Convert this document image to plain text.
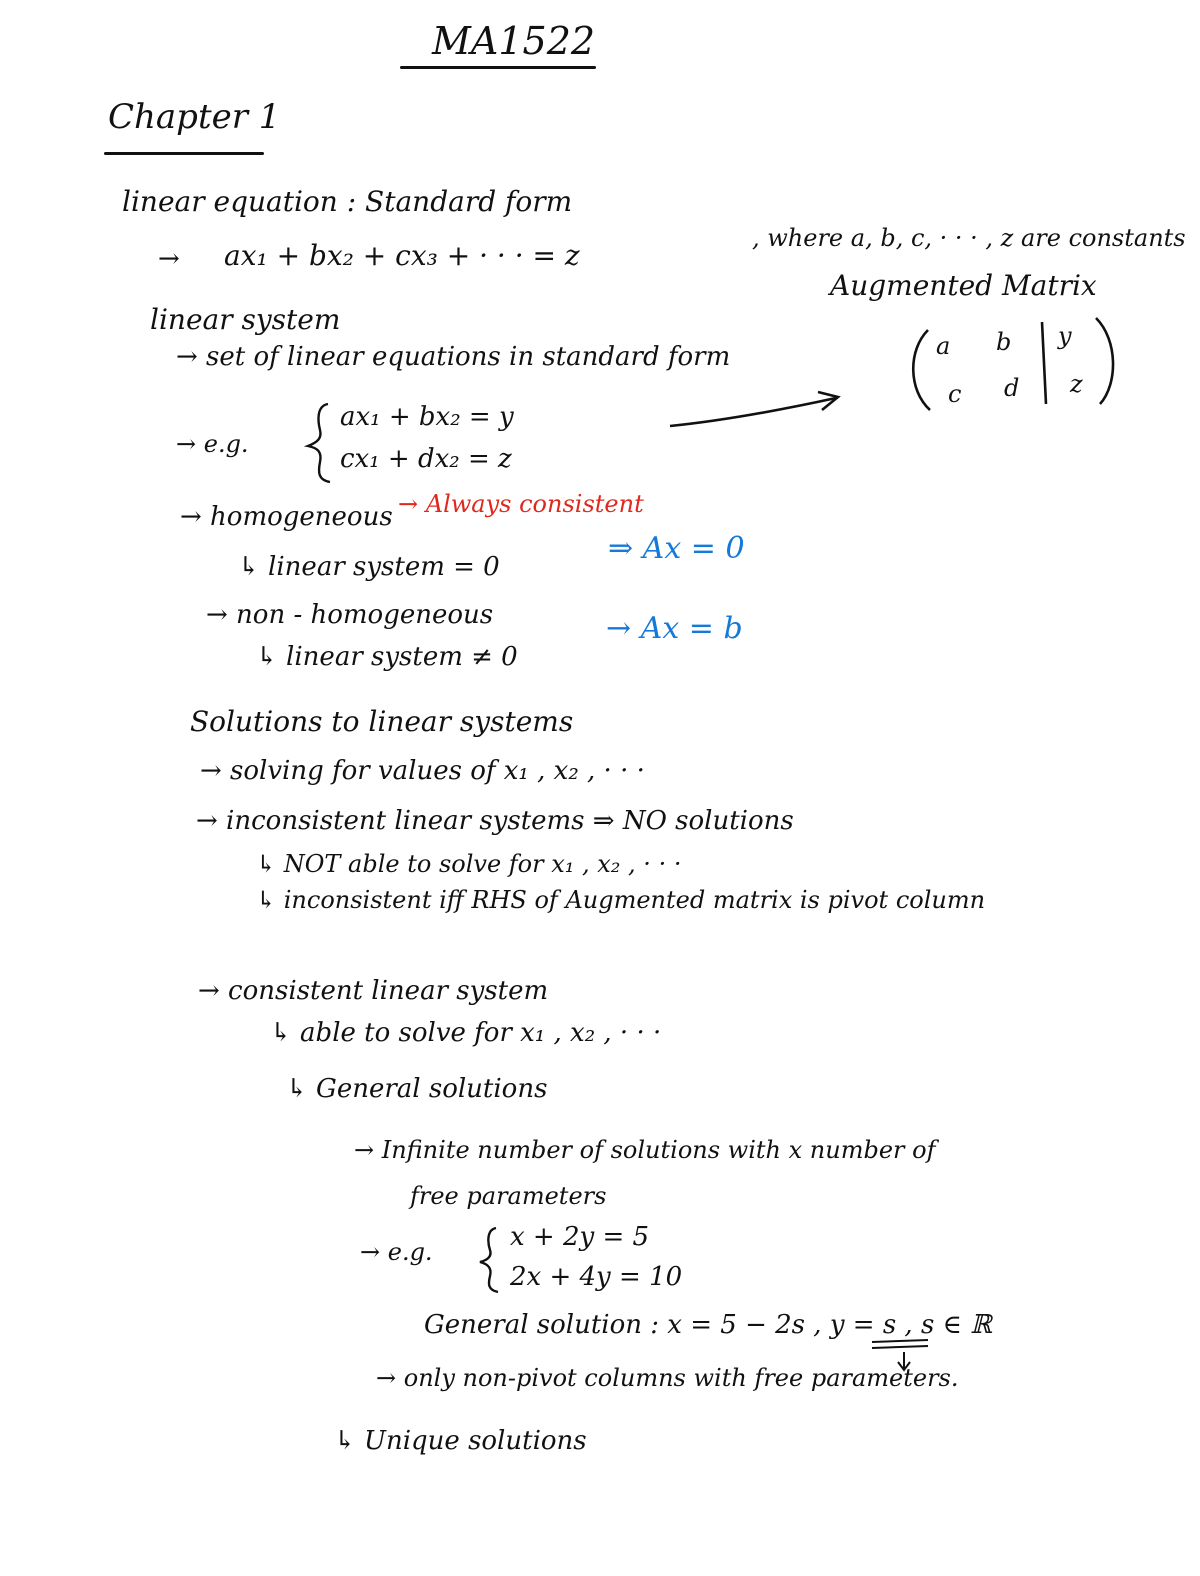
MA1522
Chapter 1
linear equation : Standard form
→ ax₁ + bx₂ + cx₃ + · · · = z
, where a, b, c, · · · , z are constants
Augmented Matrix
a b y
c d z
linear system
→ set of linear equations in standard form
→ e.g.
ax₁ + bx₂ = y
cx₁ + dx₂ = z
→ homogeneous → Always consistent
↳ linear system = 0
⇒ Ax = 0
→ non - homogeneous
↳ linear system ≠ 0
→ Ax = b
Solutions to linear systems
→ solving for values of x₁ , x₂ , · · ·
→ inconsistent linear systems ⇒ NO solutions
↳ NOT able to solve for x₁ , x₂ , · · ·
↳ inconsistent iff RHS of Augmented matrix is pivot column
→ consistent linear system
↳ able to solve for x₁ , x₂ , · · ·
↳ General solutions
→ Infinite number of solutions with x number of
free parameters
→ e.g.	x + 2y = 5
2x + 4y = 10
General solution : x = 5 − 2s , y = s , s ∈ ℝ
→ only non-pivot columns with free parameters.
↳ Unique solutions
